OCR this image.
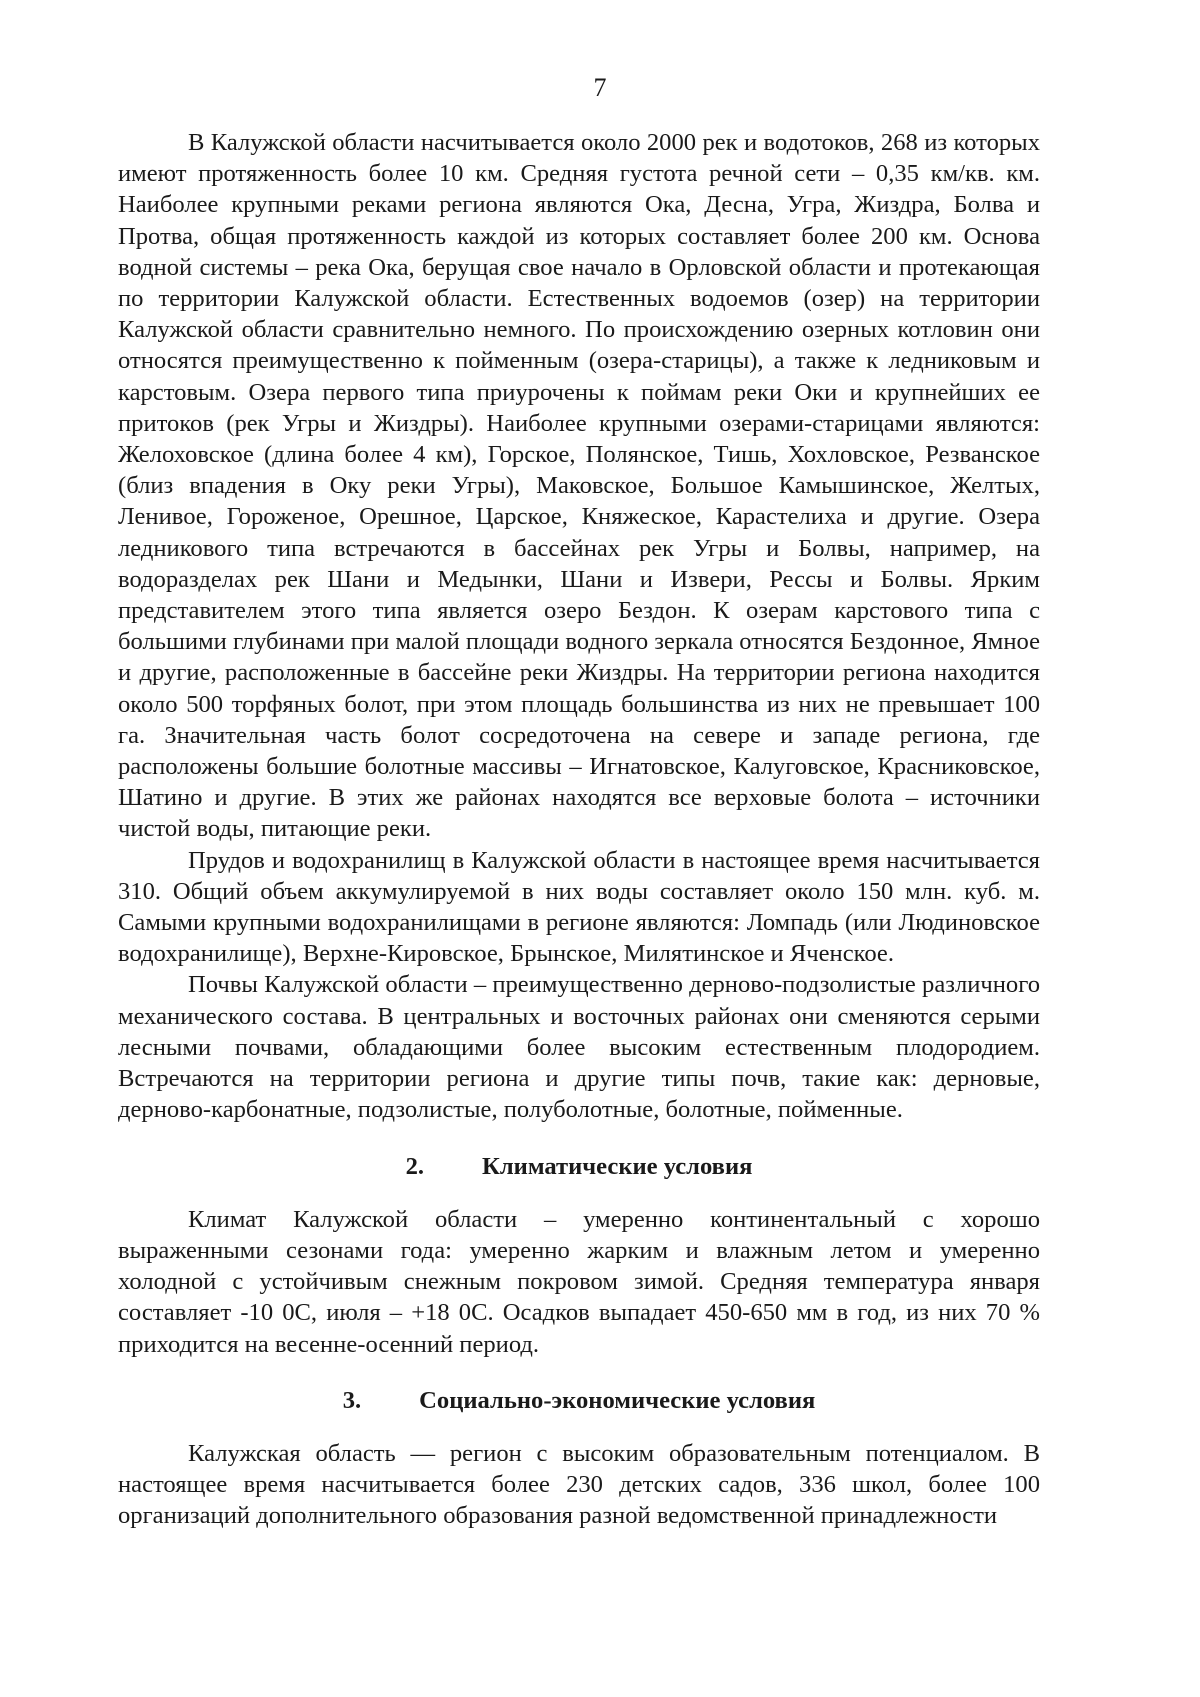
7

В Калужской области насчитывается около 2000 рек и водотоков, 268 из которых имеют протяженность более 10 км. Средняя густота речной сети – 0,35 км/кв. км. Наиболее крупными реками региона являются Ока, Десна, Угра, Жиздра, Болва и Протва, общая протяженность каждой из которых составляет более 200 км. Основа водной системы – река Ока, берущая свое начало в Орловской области и протекающая по территории Калужской области. Естественных водоемов (озер) на территории Калужской области сравнительно немного. По происхождению озерных котловин они относятся преимущественно к пойменным (озера-старицы), а также к ледниковым и карстовым. Озера первого типа приурочены к поймам реки Оки и крупнейших ее притоков (рек Угры и Жиздры). Наиболее крупными озерами-старицами являются: Желоховское (длина более 4 км), Горское, Полянское, Тишь, Хохловское, Резванское (близ впадения в Оку реки Угры), Маковское, Большое Камышинское, Желтых, Ленивое, Гороженое, Орешное, Царское, Княжеское, Карастелиха и другие. Озера ледникового типа встречаются в бассейнах рек Угры и Болвы, например, на водоразделах рек Шани и Медынки, Шани и Извери, Рессы и Болвы. Ярким представителем этого типа является озеро Бездон. К озерам карстового типа с большими глубинами при малой площади водного зеркала относятся Бездонное, Ямное и другие, расположенные в бассейне реки Жиздры. На территории региона находится около 500 торфяных болот, при этом площадь большинства из них не превышает 100 га. Значительная часть болот сосредоточена на севере и западе региона, где расположены большие болотные массивы – Игнатовское, Калуговское, Красниковское, Шатино и другие. В этих же районах находятся все верховые болота – источники чистой воды, питающие реки.

Прудов и водохранилищ в Калужской области в настоящее время насчитывается 310. Общий объем аккумулируемой в них воды составляет около 150 млн. куб. м. Самыми крупными водохранилищами в регионе являются: Ломпадь (или Людиновское водохранилище), Верхне-Кировское, Брынское, Милятинское и Ячeнское.

Почвы Калужской области – преимущественно дерново-подзолистые различного механического состава. В центральных и восточных районах они сменяются серыми лесными почвами, обладающими более высоким естественным плодородием. Встречаются на территории региона и другие типы почв, такие как: дерновые, дерново-карбонатные, подзолистые, полуболотные, болотные, пойменные.

2. Климатические условия

Климат Калужской области – умеренно континентальный с хорошо выраженными сезонами года: умеренно жарким и влажным летом и умеренно холодной с устойчивым снежным покровом зимой. Средняя температура января составляет -10 0С, июля – +18 0С. Осадков выпадает 450-650 мм в год, из них 70 % приходится на весенне-осенний период.

3. Социально-экономические условия

Калужская область — регион с высоким образовательным потенциалом. В настоящее время насчитывается более 230 детских садов, 336 школ, более 100 организаций дополнительного образования разной ведомственной принадлежности
